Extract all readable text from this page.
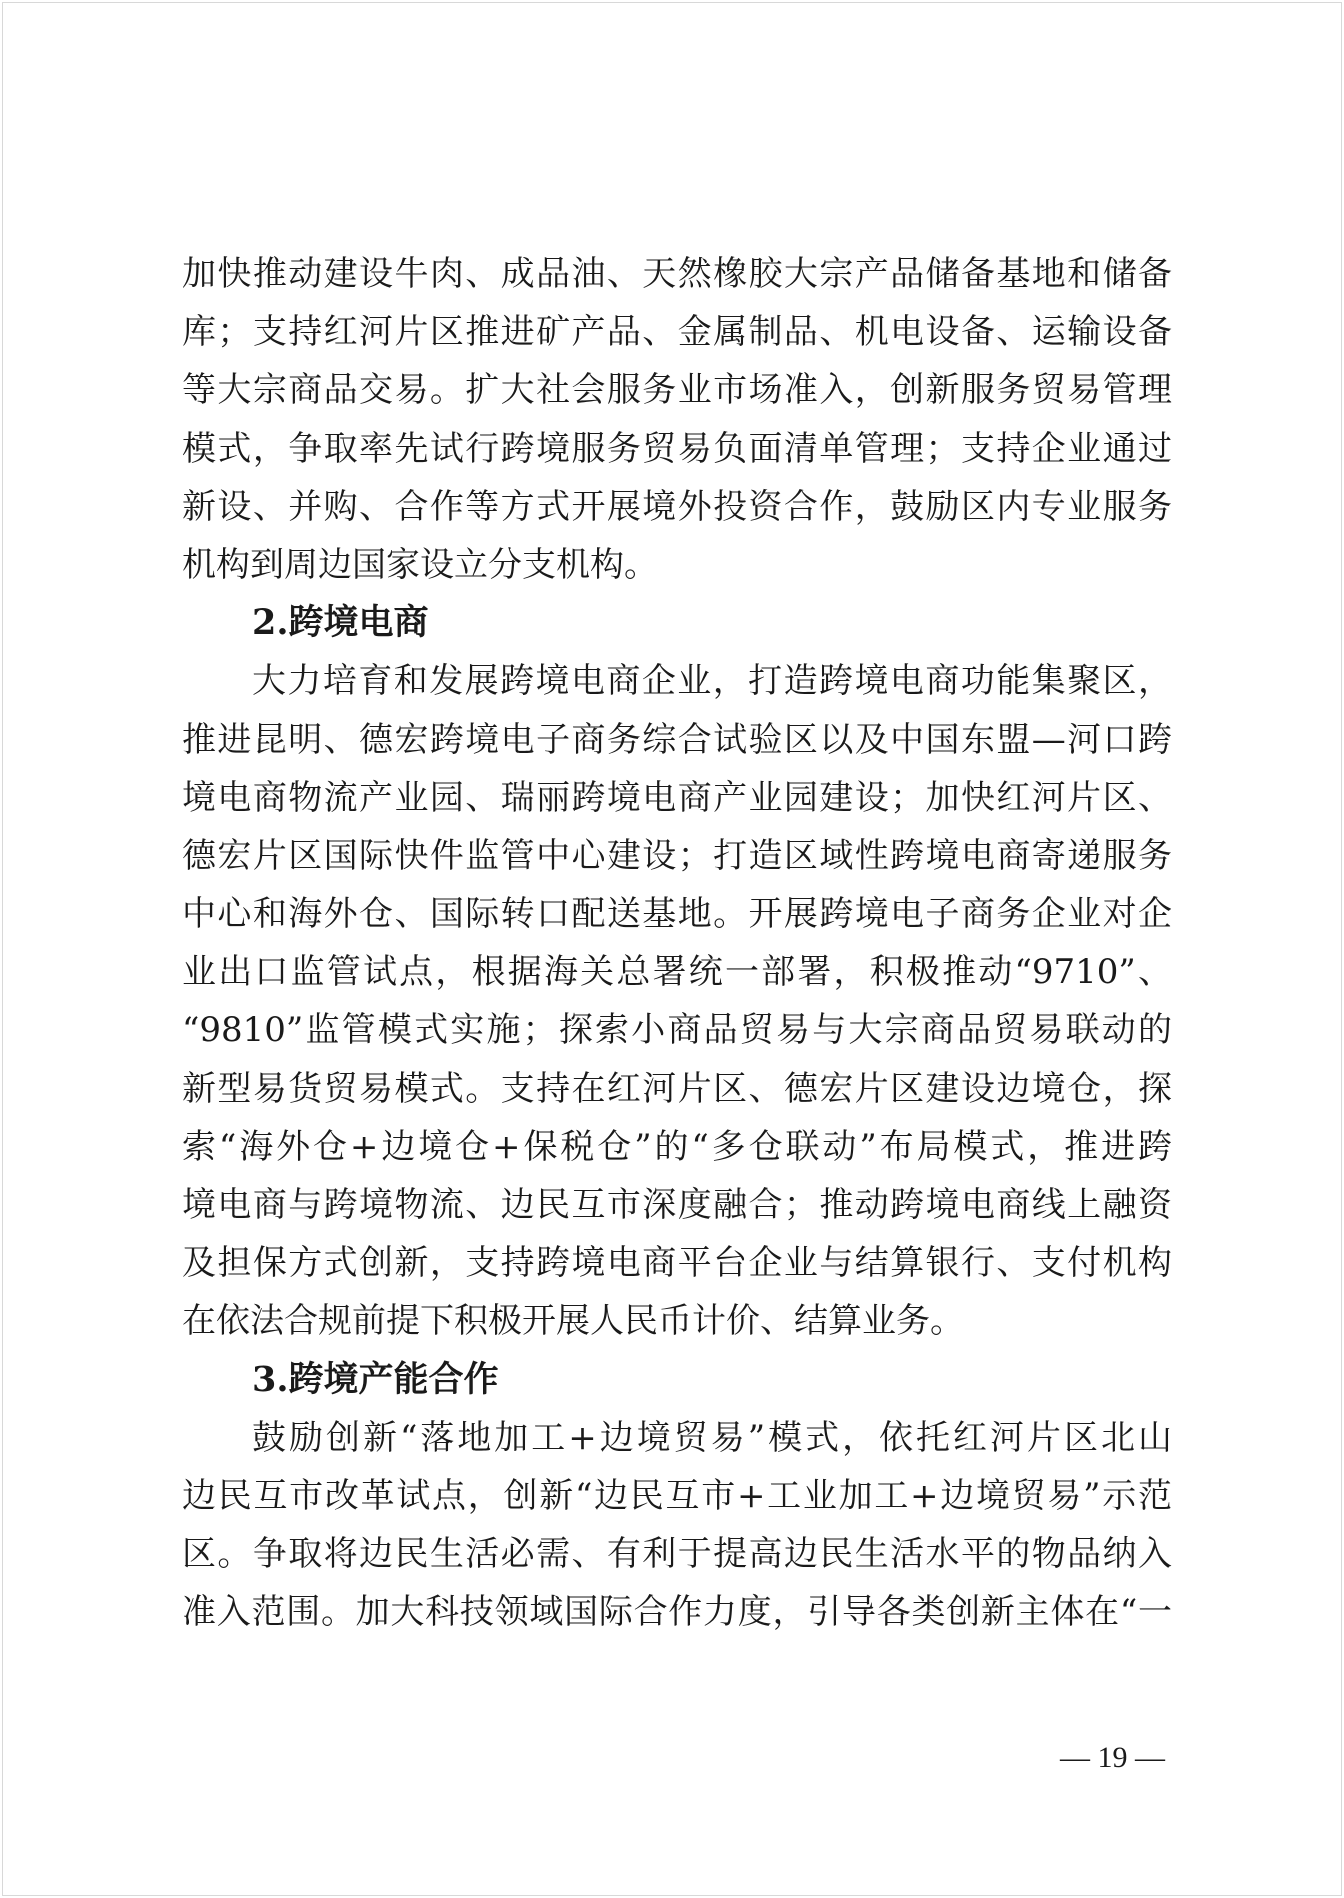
加快推动建设牛肉、成品油、天然橡胶大宗产品储备基地和储备
库；支持红河片区推进矿产品、金属制品、机电设备、运输设备
等大宗商品交易。扩大社会服务业市场准入，创新服务贸易管理
模式，争取率先试行跨境服务贸易负面清单管理；支持企业通过
新设、并购、合作等方式开展境外投资合作，鼓励区内专业服务
机构到周边国家设立分支机构。
2.跨境电商
大力培育和发展跨境电商企业，打造跨境电商功能集聚区，
推进昆明、德宏跨境电子商务综合试验区以及中国东盟—河口跨
境电商物流产业园、瑞丽跨境电商产业园建设；加快红河片区、
德宏片区国际快件监管中心建设；打造区域性跨境电商寄递服务
中心和海外仓、国际转口配送基地。开展跨境电子商务企业对企
业出口监管试点，根据海关总署统一部署，积极推动“9710”、
“9810”监管模式实施；探索小商品贸易与大宗商品贸易联动的
新型易货贸易模式。支持在红河片区、德宏片区建设边境仓，探
索“海外仓+边境仓+保税仓”的“多仓联动”布局模式，推进跨
境电商与跨境物流、边民互市深度融合；推动跨境电商线上融资
及担保方式创新，支持跨境电商平台企业与结算银行、支付机构
在依法合规前提下积极开展人民币计价、结算业务。
3.跨境产能合作
鼓励创新“落地加工+边境贸易”模式，依托红河片区北山
边民互市改革试点，创新“边民互市+工业加工+边境贸易”示范
区。争取将边民生活必需、有利于提高边民生活水平的物品纳入
准入范围。加大科技领域国际合作力度，引导各类创新主体在“一
— 19 —
